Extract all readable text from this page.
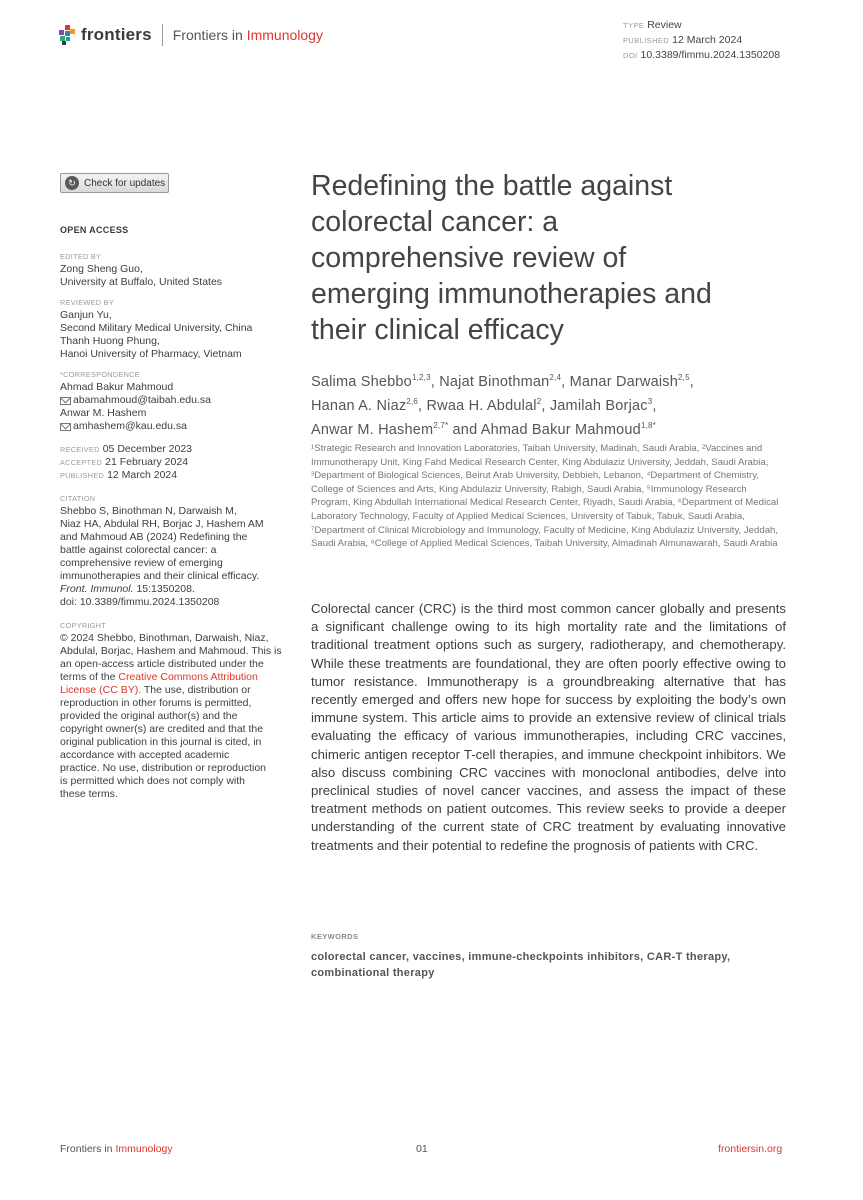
frontiers Frontiers in Immunology
TYPE Review
PUBLISHED 12 March 2024
DOI 10.3389/fimmu.2024.1350208
↻ Check for updates
OPEN ACCESS
EDITED BY
Zong Sheng Guo,
University at Buffalo, United States
REVIEWED BY
Ganjun Yu,
Second Military Medical University, China
Thanh Huong Phung,
Hanoi University of Pharmacy, Vietnam
*CORRESPONDENCE
Ahmad Bakur Mahmoud
abamahmoud@taibah.edu.sa
Anwar M. Hashem
amhashem@kau.edu.sa
RECEIVED 05 December 2023
ACCEPTED 21 February 2024
PUBLISHED 12 March 2024
CITATION
Shebbo S, Binothman N, Darwaish M,
Niaz HA, Abdulal RH, Borjac J, Hashem AM
and Mahmoud AB (2024) Redefining the
battle against colorectal cancer: a
comprehensive review of emerging
immunotherapies and their clinical efficacy.
Front. Immunol. 15:1350208.
doi: 10.3389/fimmu.2024.1350208
COPYRIGHT
© 2024 Shebbo, Binothman, Darwaish, Niaz,
Abdulal, Borjac, Hashem and Mahmoud. This is
an open-access article distributed under the
terms of the Creative Commons Attribution
License (CC BY). The use, distribution or
reproduction in other forums is permitted,
provided the original author(s) and the
copyright owner(s) are credited and that the
original publication in this journal is cited, in
accordance with accepted academic
practice. No use, distribution or reproduction
is permitted which does not comply with
these terms.
Redefining the battle against
colorectal cancer: a
comprehensive review of
emerging immunotherapies and
their clinical efficacy
Salima Shebbo$^{1,2,3}$, Najat Binothman$^{2,4}$, Manar Darwaish$^{2,5}$,
Hanan A. Niaz$^{2,6}$, Rwaa H. Abdulal$^2$, Jamilah Borjac$^3$,
Anwar M. Hashem$^{2,7*}$ and Ahmad Bakur Mahmoud$^{1,8*}$
¹Strategic Research and Innovation Laboratories, Taibah University, Madinah, Saudi Arabia, ²Vaccines and Immunotherapy Unit, King Fahd Medical Research Center, King Abdulaziz University, Jeddah, Saudi Arabia, ³Department of Biological Sciences, Beirut Arab University, Debbieh, Lebanon, ⁴Department of Chemistry, College of Sciences and Arts, King Abdulaziz University, Rabigh, Saudi Arabia, ⁵Immunology Research Program, King Abdullah International Medical Research Center, Riyadh, Saudi Arabia, ⁶Department of Medical Laboratory Technology, Faculty of Applied Medical Sciences, University of Tabuk, Tabuk, Saudi Arabia, ⁷Department of Clinical Microbiology and Immunology, Faculty of Medicine, King Abdulaziz University, Jeddah, Saudi Arabia, ⁸College of Applied Medical Sciences, Taibah University, Almadinah Almunawarah, Saudi Arabia
Colorectal cancer (CRC) is the third most common cancer globally and presents a significant challenge owing to its high mortality rate and the limitations of traditional treatment options such as surgery, radiotherapy, and chemotherapy. While these treatments are foundational, they are often poorly effective owing to tumor resistance. Immunotherapy is a groundbreaking alternative that has recently emerged and offers new hope for success by exploiting the body’s own immune system. This article aims to provide an extensive review of clinical trials evaluating the efficacy of various immunotherapies, including CRC vaccines, chimeric antigen receptor T-cell therapies, and immune checkpoint inhibitors. We also discuss combining CRC vaccines with monoclonal antibodies, delve into preclinical studies of novel cancer vaccines, and assess the impact of these treatment methods on patient outcomes. This review seeks to provide a deeper understanding of the current state of CRC treatment by evaluating innovative treatments and their potential to redefine the prognosis of patients with CRC.
KEYWORDS
colorectal cancer, vaccines, immune-checkpoints inhibitors, CAR-T therapy, combinational therapy
Frontiers in Immunology	01	frontiersin.org
